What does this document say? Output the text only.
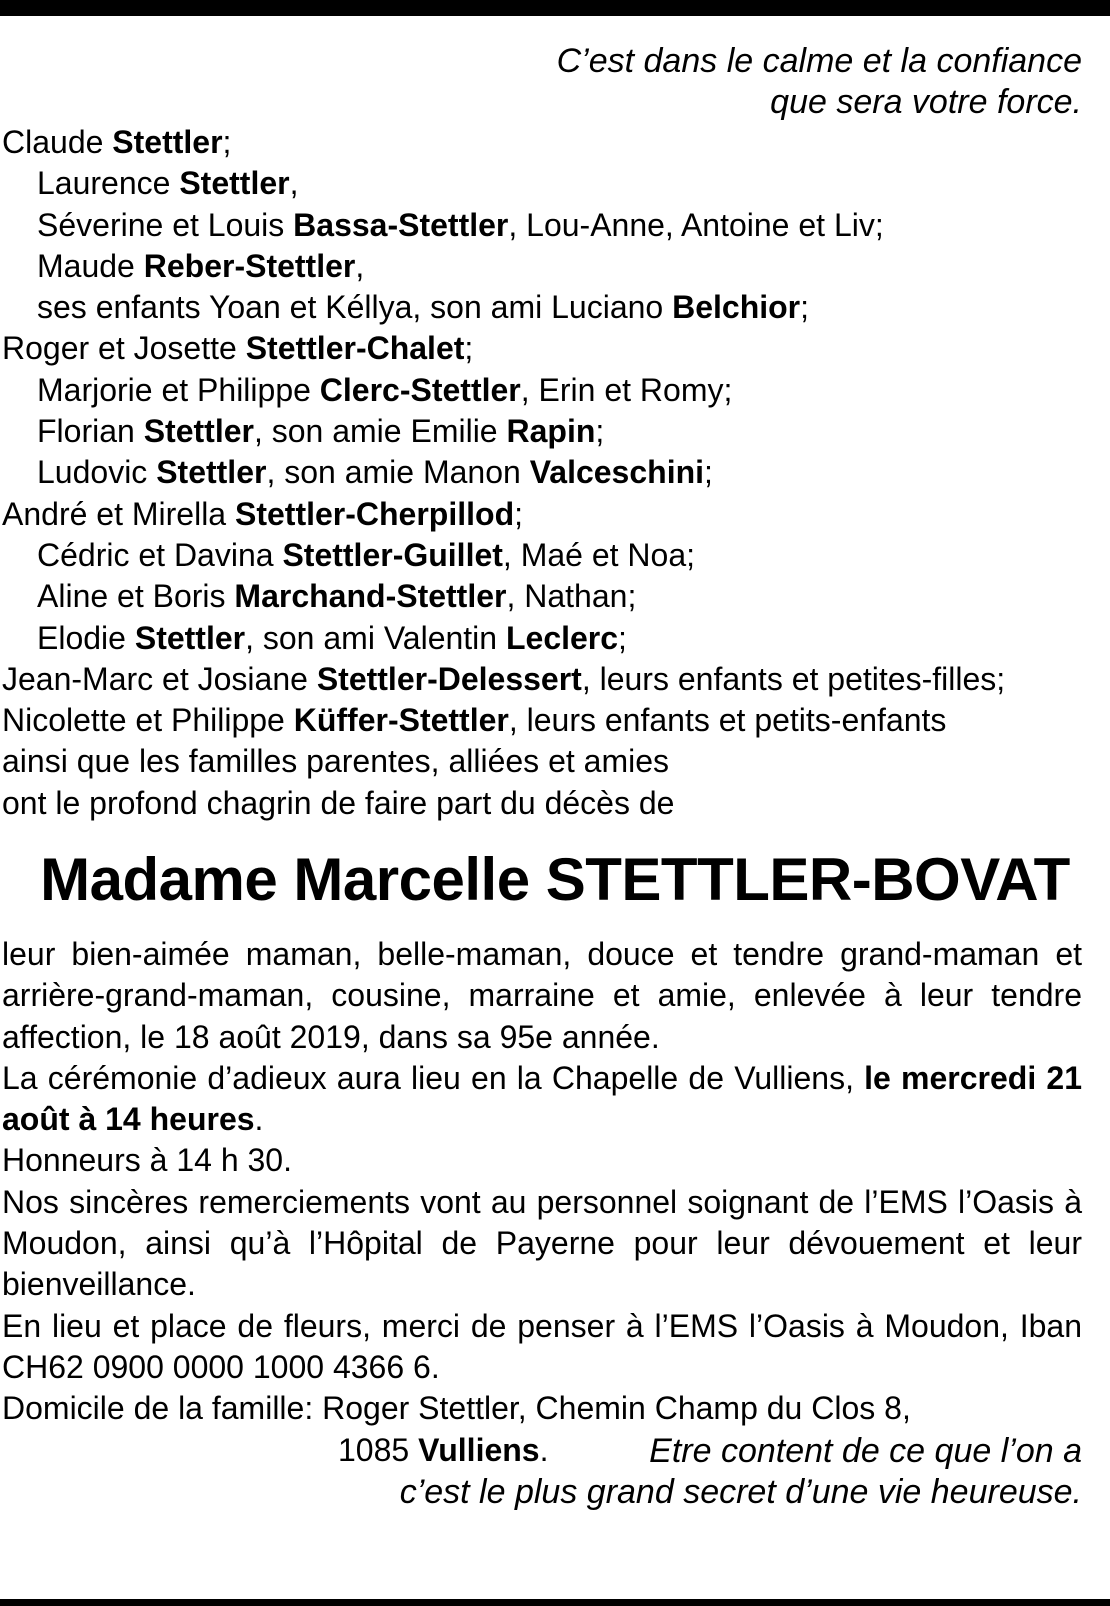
C’est dans le calme et la confiance
que sera votre force.
Claude Stettler;
Laurence Stettler,
Séverine et Louis Bassa-Stettler, Lou-Anne, Antoine et Liv;
Maude Reber-Stettler,
ses enfants Yoan et Kéllya, son ami Luciano Belchior;
Roger et Josette Stettler-Chalet;
Marjorie et Philippe Clerc-Stettler, Erin et Romy;
Florian Stettler, son amie Emilie Rapin;
Ludovic Stettler, son amie Manon Valceschini;
André et Mirella Stettler-Cherpillod;
Cédric et Davina Stettler-Guillet, Maé et Noa;
Aline et Boris Marchand-Stettler, Nathan;
Elodie Stettler, son ami Valentin Leclerc;
Jean-Marc et Josiane Stettler-Delessert, leurs enfants et petites-filles;
Nicolette et Philippe Küffer-Stettler, leurs enfants et petits-enfants
ainsi que les familles parentes, alliées et amies
ont le profond chagrin de faire part du décès de
Madame Marcelle STETTLER-BOVAT

leur bien-aimée maman, belle-maman, douce et tendre grand-maman et arrière-grand-maman, cousine, marraine et amie, enlevée à leur tendre affection, le 18 août 2019, dans sa 95e année.

La cérémonie d’adieux aura lieu en la Chapelle de Vulliens, le mercredi 21 août à 14 heures.

Honneurs à 14 h 30.

Nos sincères remerciements vont au personnel soignant de l’EMS l’Oasis à Moudon, ainsi qu’à l’Hôpital de Payerne pour leur dévouement et leur bienveillance.

En lieu et place de fleurs, merci de penser à l’EMS l’Oasis à Moudon, Iban CH62 0900 0000 1000 4366 6.

Domicile de la famille: Roger Stettler, Chemin Champ du Clos 8,
1085 Vulliens.	Etre content de ce que l’on a
c’est le plus grand secret d’une vie heureuse.
